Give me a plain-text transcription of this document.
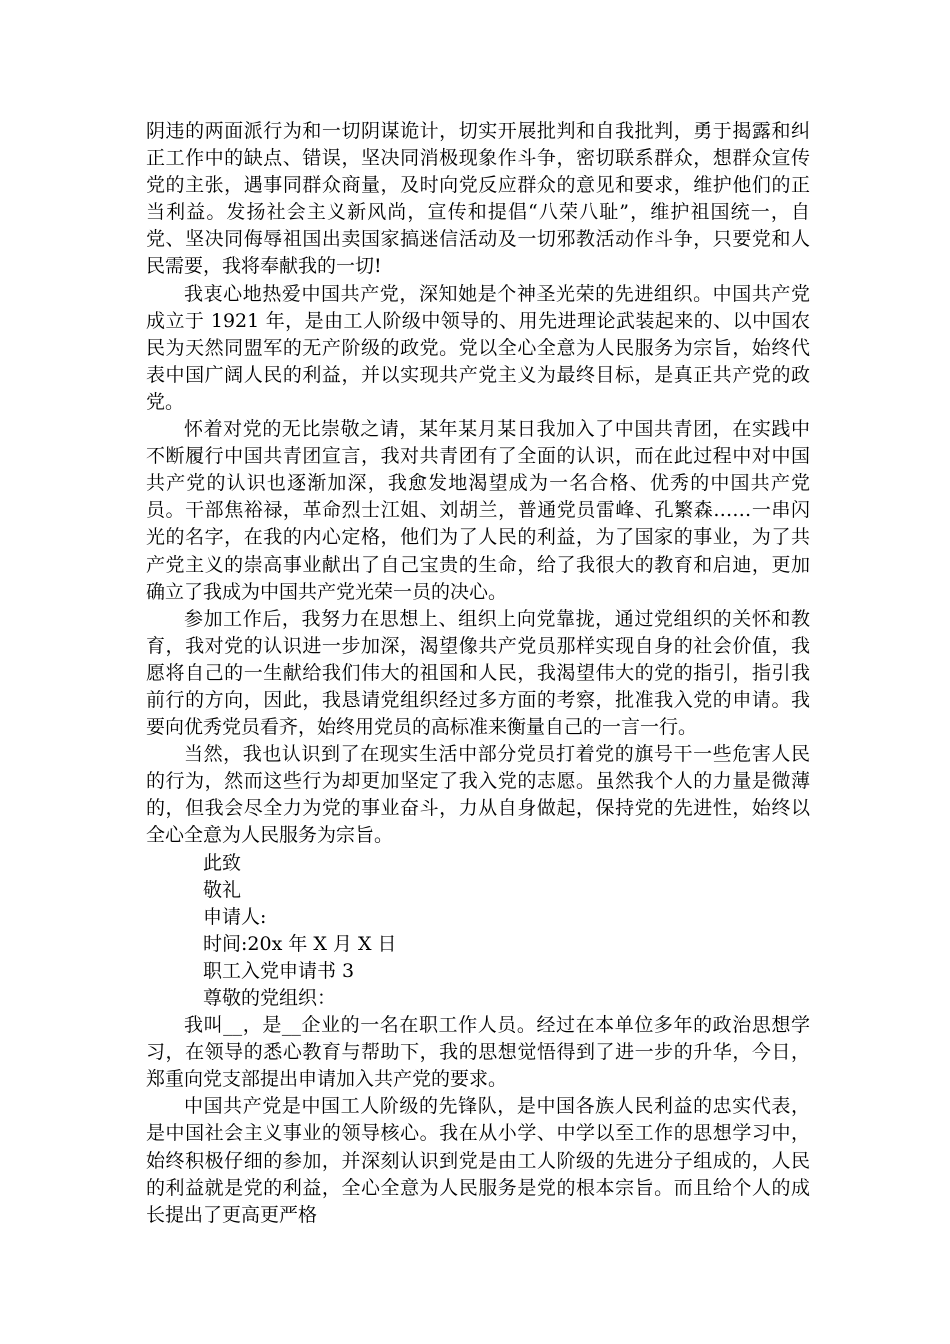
阴违的两面派行为和一切阴谋诡计，切实开展批判和自我批判，勇于揭露和纠正工作中的缺点、错误，坚决同消极现象作斗争，密切联系群众，想群众宣传党的主张，遇事同群众商量，及时向党反应群众的意见和要求，维护他们的正当利益。发扬社会主义新风尚，宣传和提倡“八荣八耻”，维护祖国统一，自党、坚决同侮辱祖国出卖国家搞迷信活动及一切邪教活动作斗争，只要党和人民需要，我将奉献我的一切!

我衷心地热爱中国共产党，深知她是个神圣光荣的先进组织。中国共产党成立于 1921 年，是由工人阶级中领导的、用先进理论武装起来的、以中国农民为天然同盟军的无产阶级的政党。党以全心全意为人民服务为宗旨，始终代表中国广阔人民的利益，并以实现共产党主义为最终目标，是真正共产党的政党。

怀着对党的无比崇敬之请，某年某月某日我加入了中国共青团，在实践中不断履行中国共青团宣言，我对共青团有了全面的认识，而在此过程中对中国共产党的认识也逐渐加深，我愈发地渴望成为一名合格、优秀的中国共产党员。干部焦裕禄，革命烈士江姐、刘胡兰，普通党员雷峰、孔繁森……一串闪光的名字，在我的内心定格，他们为了人民的利益，为了国家的事业，为了共产党主义的崇高事业献出了自己宝贵的生命，给了我很大的教育和启迪，更加确立了我成为中国共产党光荣一员的决心。

参加工作后，我努力在思想上、组织上向党靠拢，通过党组织的关怀和教育，我对党的认识进一步加深，渴望像共产党员那样实现自身的社会价值，我愿将自己的一生献给我们伟大的祖国和人民，我渴望伟大的党的指引，指引我前行的方向，因此，我恳请党组织经过多方面的考察，批准我入党的申请。我要向优秀党员看齐，始终用党员的高标准来衡量自己的一言一行。

当然，我也认识到了在现实生活中部分党员打着党的旗号干一些危害人民的行为，然而这些行为却更加坚定了我入党的志愿。虽然我个人的力量是微薄的，但我会尽全力为党的事业奋斗，力从自身做起，保持党的先进性，始终以全心全意为人民服务为宗旨。

此致

敬礼

申请人:

时间:20x 年 X 月 X 日

职工入党申请书 3

尊敬的党组织：

我叫__，是__企业的一名在职工作人员。经过在本单位多年的政治思想学习，在领导的悉心教育与帮助下，我的思想觉悟得到了进一步的升华，今日，郑重向党支部提出申请加入共产党的要求。

中国共产党是中国工人阶级的先锋队，是中国各族人民利益的忠实代表，是中国社会主义事业的领导核心。我在从小学、中学以至工作的思想学习中，始终积极仔细的参加，并深刻认识到党是由工人阶级的先进分子组成的，人民的利益就是党的利益，全心全意为人民服务是党的根本宗旨。而且给个人的成长提出了更高更严格
